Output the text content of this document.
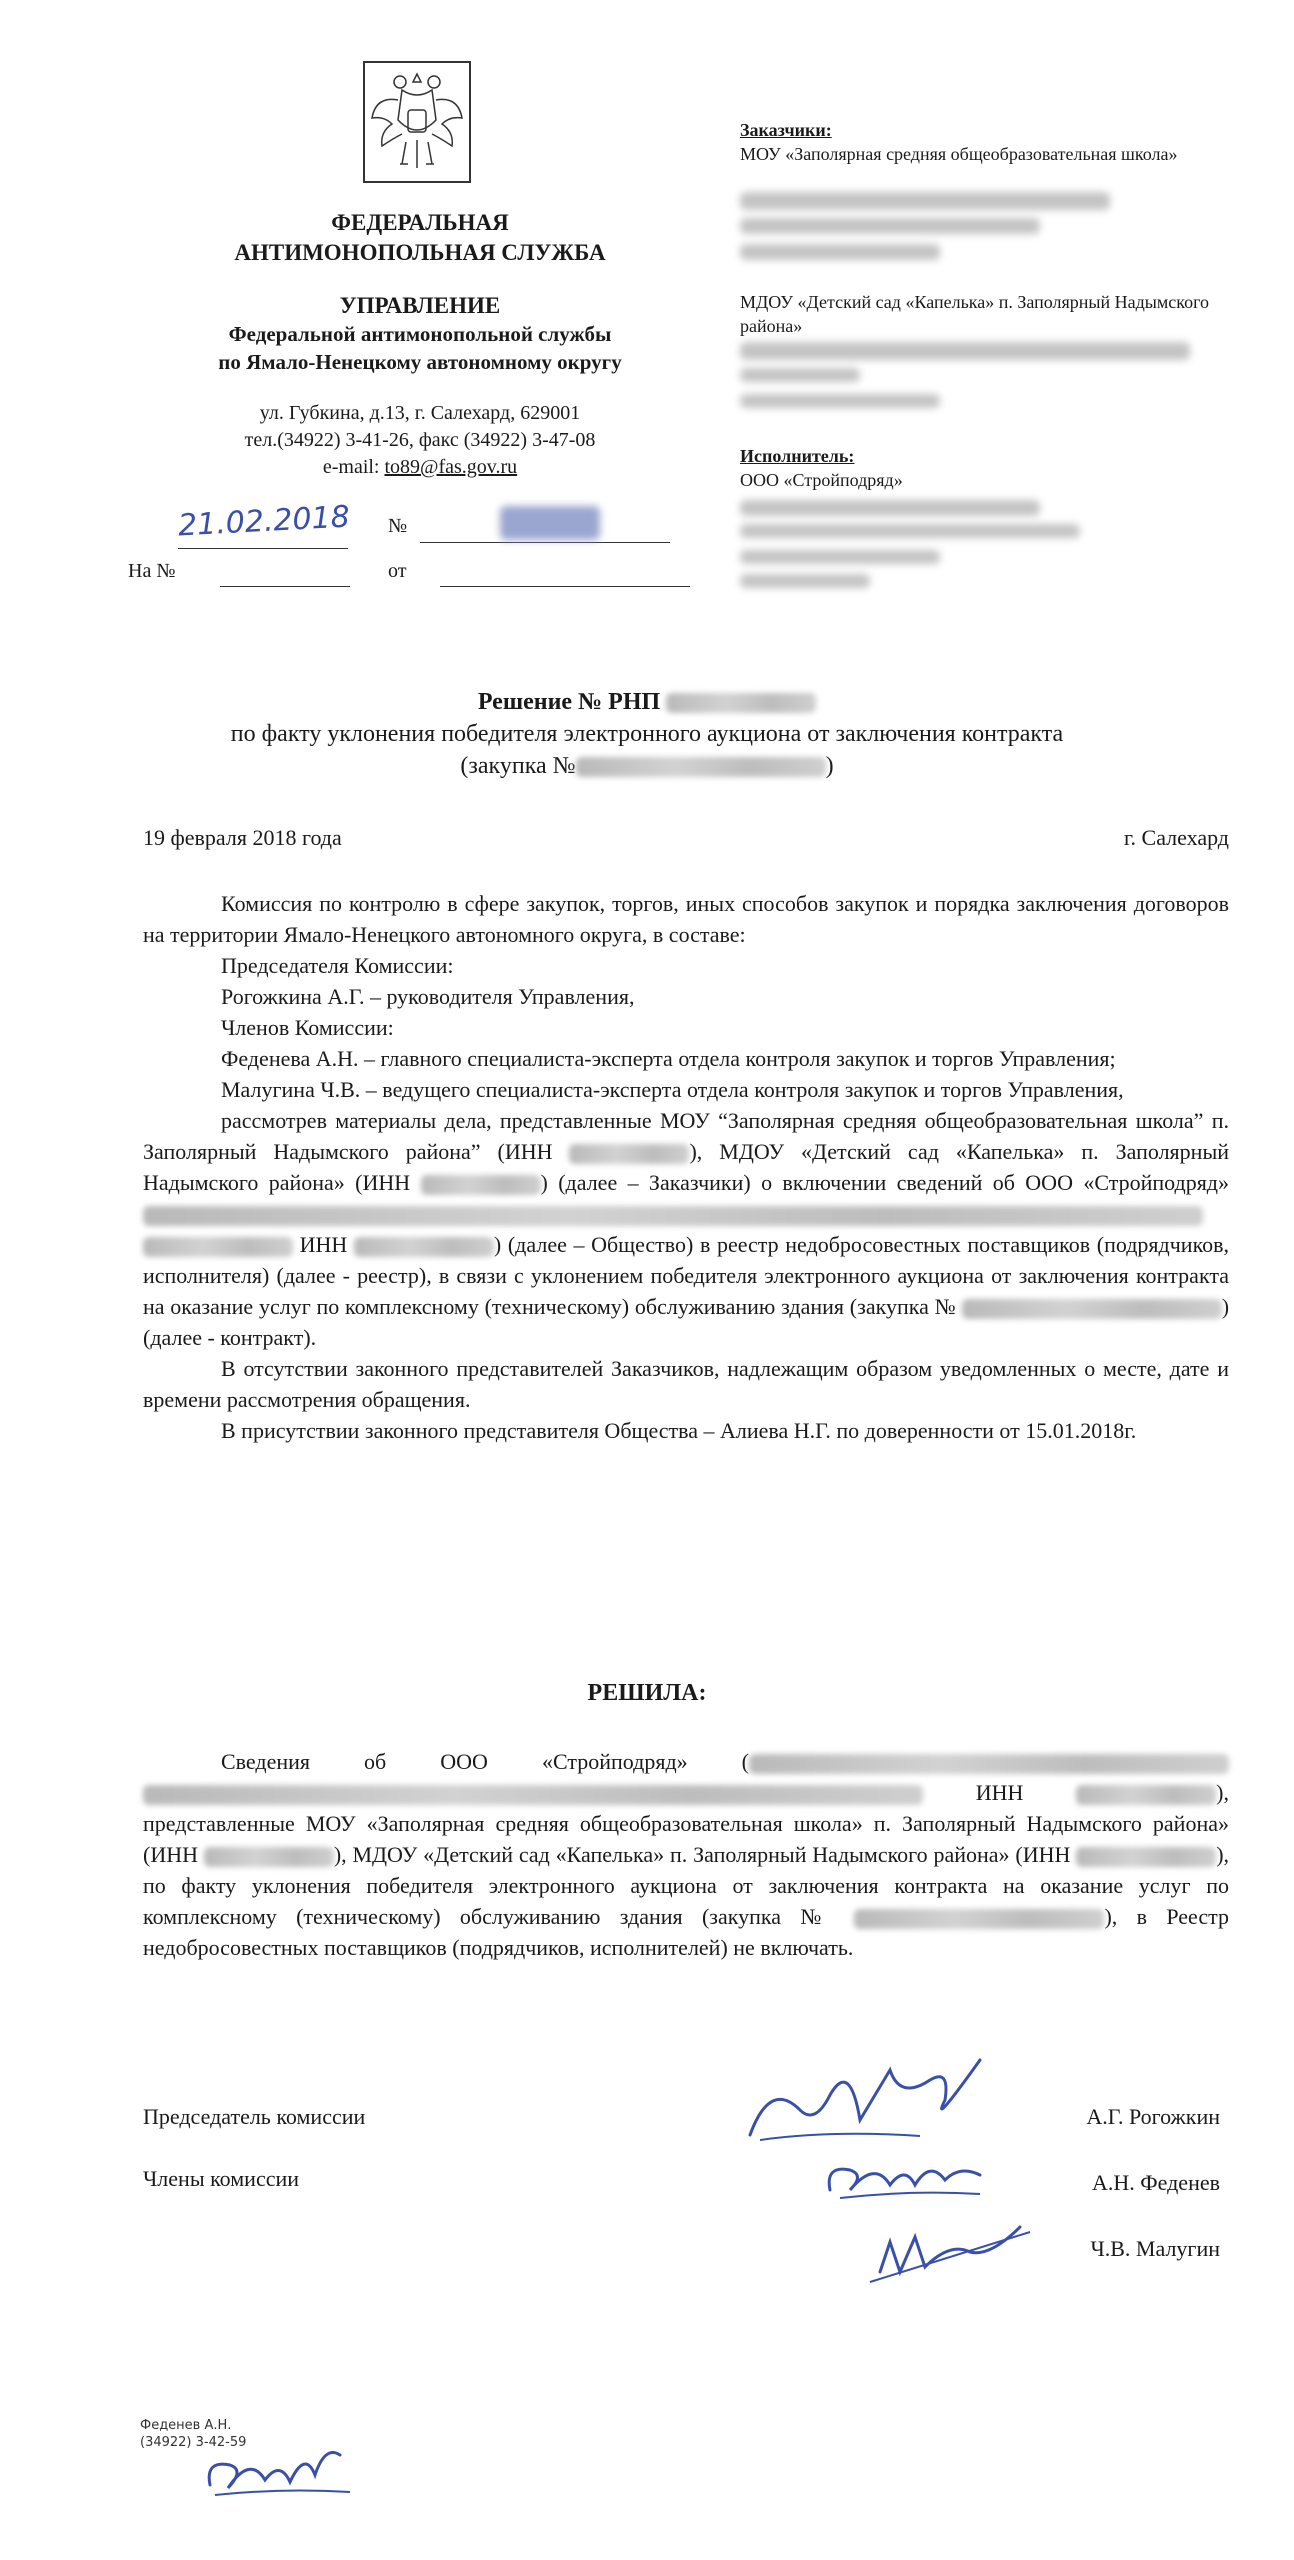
ФЕДЕРАЛЬНАЯ
АНТИМОНОПОЛЬНАЯ СЛУЖБА
УПРАВЛЕНИЕ
Федеральной антимонопольной службы
по Ямало-Ненецкому автономному округу
ул. Губкина, д.13, г. Салехард, 629001
тел.(34922) 3-41-26, факс (34922) 3-47-08
e-mail: to89@fas.gov.ru
21.02.2018 №
На №	от
Заказчики:
МОУ «Заполярная средняя общеобразовательная школа»
МДОУ «Детский сад «Капелька» п. Заполярный Надымского района»
Исполнитель:
ООО «Стройподряд»
Решение № РНП
по факту уклонения победителя электронного аукциона от заключения контракта
(закупка №	)
19 февраля 2018 года	г. Салехард

Комиссия по контролю в сфере закупок, торгов, иных способов закупок и порядка заключения договоров на территории Ямало-Ненецкого автономного округа, в составе:

Председателя Комиссии:

Рогожкина А.Г. – руководителя Управления,

Членов Комиссии:

Феденева А.Н. – главного специалиста-эксперта отдела контроля закупок и торгов Управления;

Малугина Ч.В. – ведущего специалиста-эксперта отдела контроля закупок и торгов Управления,

рассмотрев материалы дела, представленные МОУ “Заполярная средняя общеобразовательная школа” п. Заполярный Надымского района” (ИНН	), МДОУ «Детский сад «Капелька» п. Заполярный Надымского района» (ИНН	) (далее – Заказчики) о включении сведений об ООО «Стройподряд»   ИНН	) (далее – Общество) в реестр недобросовестных поставщиков (подрядчиков, исполнителя) (далее - реестр), в связи с уклонением победителя электронного аукциона от заключения контракта на оказание услуг по комплексному (техническому) обслуживанию здания (закупка №	) (далее - контракт).

В отсутствии законного представителей Заказчиков, надлежащим образом уведомленных о месте, дате и времени рассмотрения обращения.

В присутствии законного представителя Общества – Алиева Н.Г. по доверенности от 15.01.2018г.

РЕШИЛА:

Сведения об ООО «Стройподряд» (  ИНН	), представленные МОУ «Заполярная средняя общеобразовательная школа» п. Заполярный Надымского района» (ИНН	), МДОУ «Детский сад «Капелька» п. Заполярный Надымского района» (ИНН	), по факту уклонения победителя электронного аукциона от заключения контракта на оказание услуг по комплексному (техническому) обслуживанию здания (закупка №	), в Реестр недобросовестных поставщиков (подрядчиков, исполнителей) не включать.

Председатель комиссии
Члены комиссии
А.Г. Рогожкин
А.Н. Феденев
Ч.В. Малугин
Феденев А.Н.
(34922) 3-42-59
